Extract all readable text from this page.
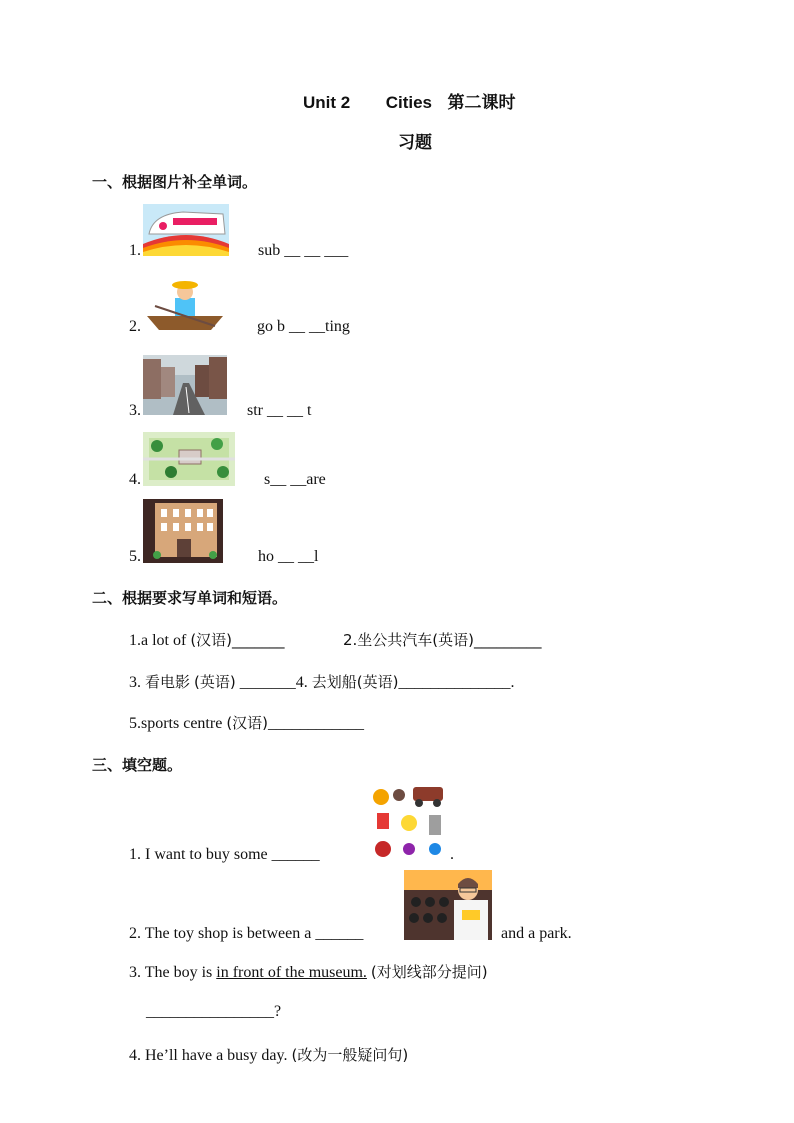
Unit 2 Cities 第二课时
习题
一、根据图片补全单词。
1.	sub __ __ ___
2.	go b __ __ting
3.	str __ __ t
4.	s__ __are
5.	ho __ __l
二、根据要求写单词和短语。
1.a lot of (汉语)_______	2.坐公共汽车(英语)_________
3. 看电影 (英语) _______4. 去划船(英语)______________.
5.sports centre (汉语)____________
三、填空题。
1. I want to buy some ______	.
2. The toy shop is between a ______	and a park.
3. The boy is in front of the museum. (对划线部分提问)
________________?
4. He’ll have a busy day. (改为一般疑问句)
